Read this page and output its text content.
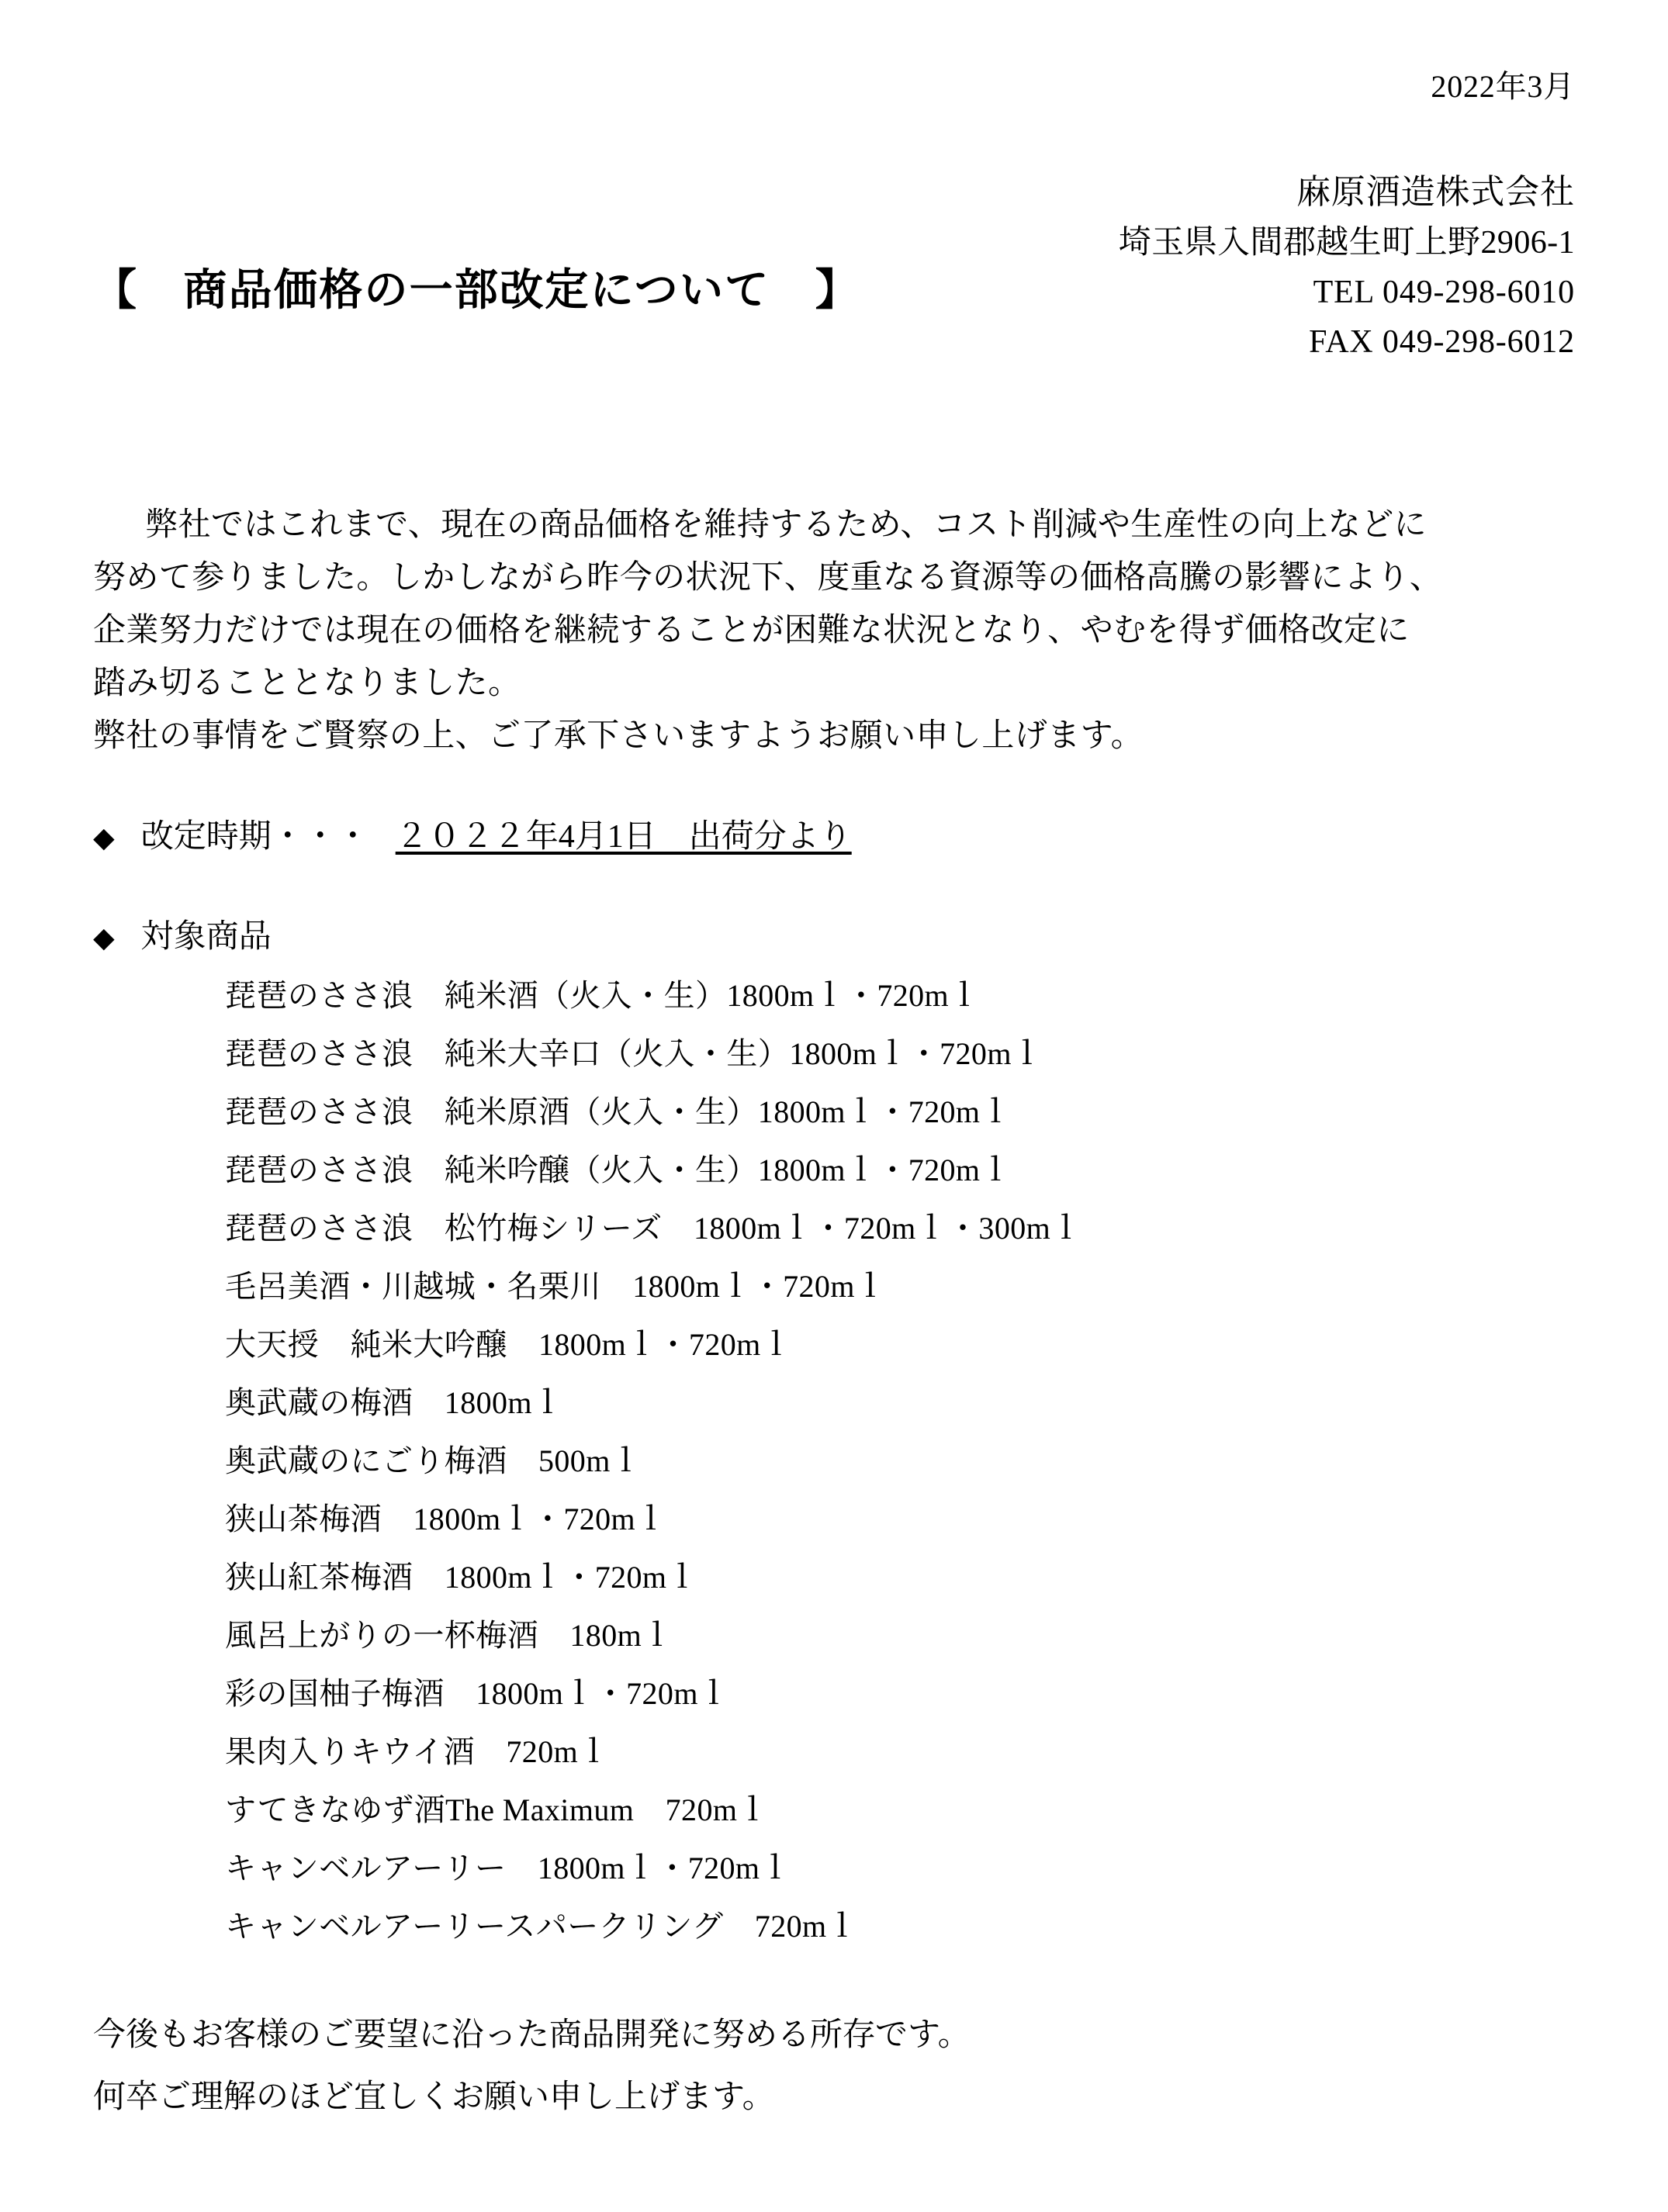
2022年3月
麻原酒造株式会社
埼玉県入間郡越生町上野2906-1
TEL 049-298-6010
FAX 049-298-6012
【　商品価格の一部改定について　】

弊社ではこれまで、現在の商品価格を維持するため、コスト削減や生産性の向上などに

努めて参りました。しかしながら昨今の状況下、度重なる資源等の価格高騰の影響により、

企業努力だけでは現在の価格を継続することが困難な状況となり、やむを得ず価格改定に

踏み切ることとなりました。

弊社の事情をご賢察の上、ご了承下さいますようお願い申し上げます。

◆ 改定時期・・・ ２０２２年4月1日　出荷分より
◆ 対象商品
琵琶のささ浪　純米酒（火入・生）1800mｌ・720mｌ
琵琶のささ浪　純米大辛口（火入・生）1800mｌ・720mｌ
琵琶のささ浪　純米原酒（火入・生）1800mｌ・720mｌ
琵琶のささ浪　純米吟醸（火入・生）1800mｌ・720mｌ
琵琶のささ浪　松竹梅シリーズ　1800mｌ・720mｌ・300mｌ
毛呂美酒・川越城・名栗川　1800mｌ・720mｌ
大天授　純米大吟醸　1800mｌ・720mｌ
奥武蔵の梅酒　1800mｌ
奥武蔵のにごり梅酒　500mｌ
狭山茶梅酒　1800mｌ・720mｌ
狭山紅茶梅酒　1800mｌ・720mｌ
風呂上がりの一杯梅酒　180mｌ
彩の国柚子梅酒　1800mｌ・720mｌ
果肉入りキウイ酒　720mｌ
すてきなゆず酒The Maximum　720mｌ
キャンベルアーリー　1800mｌ・720mｌ
キャンベルアーリースパークリング　720mｌ

今後もお客様のご要望に沿った商品開発に努める所存です。

何卒ご理解のほど宜しくお願い申し上げます。
